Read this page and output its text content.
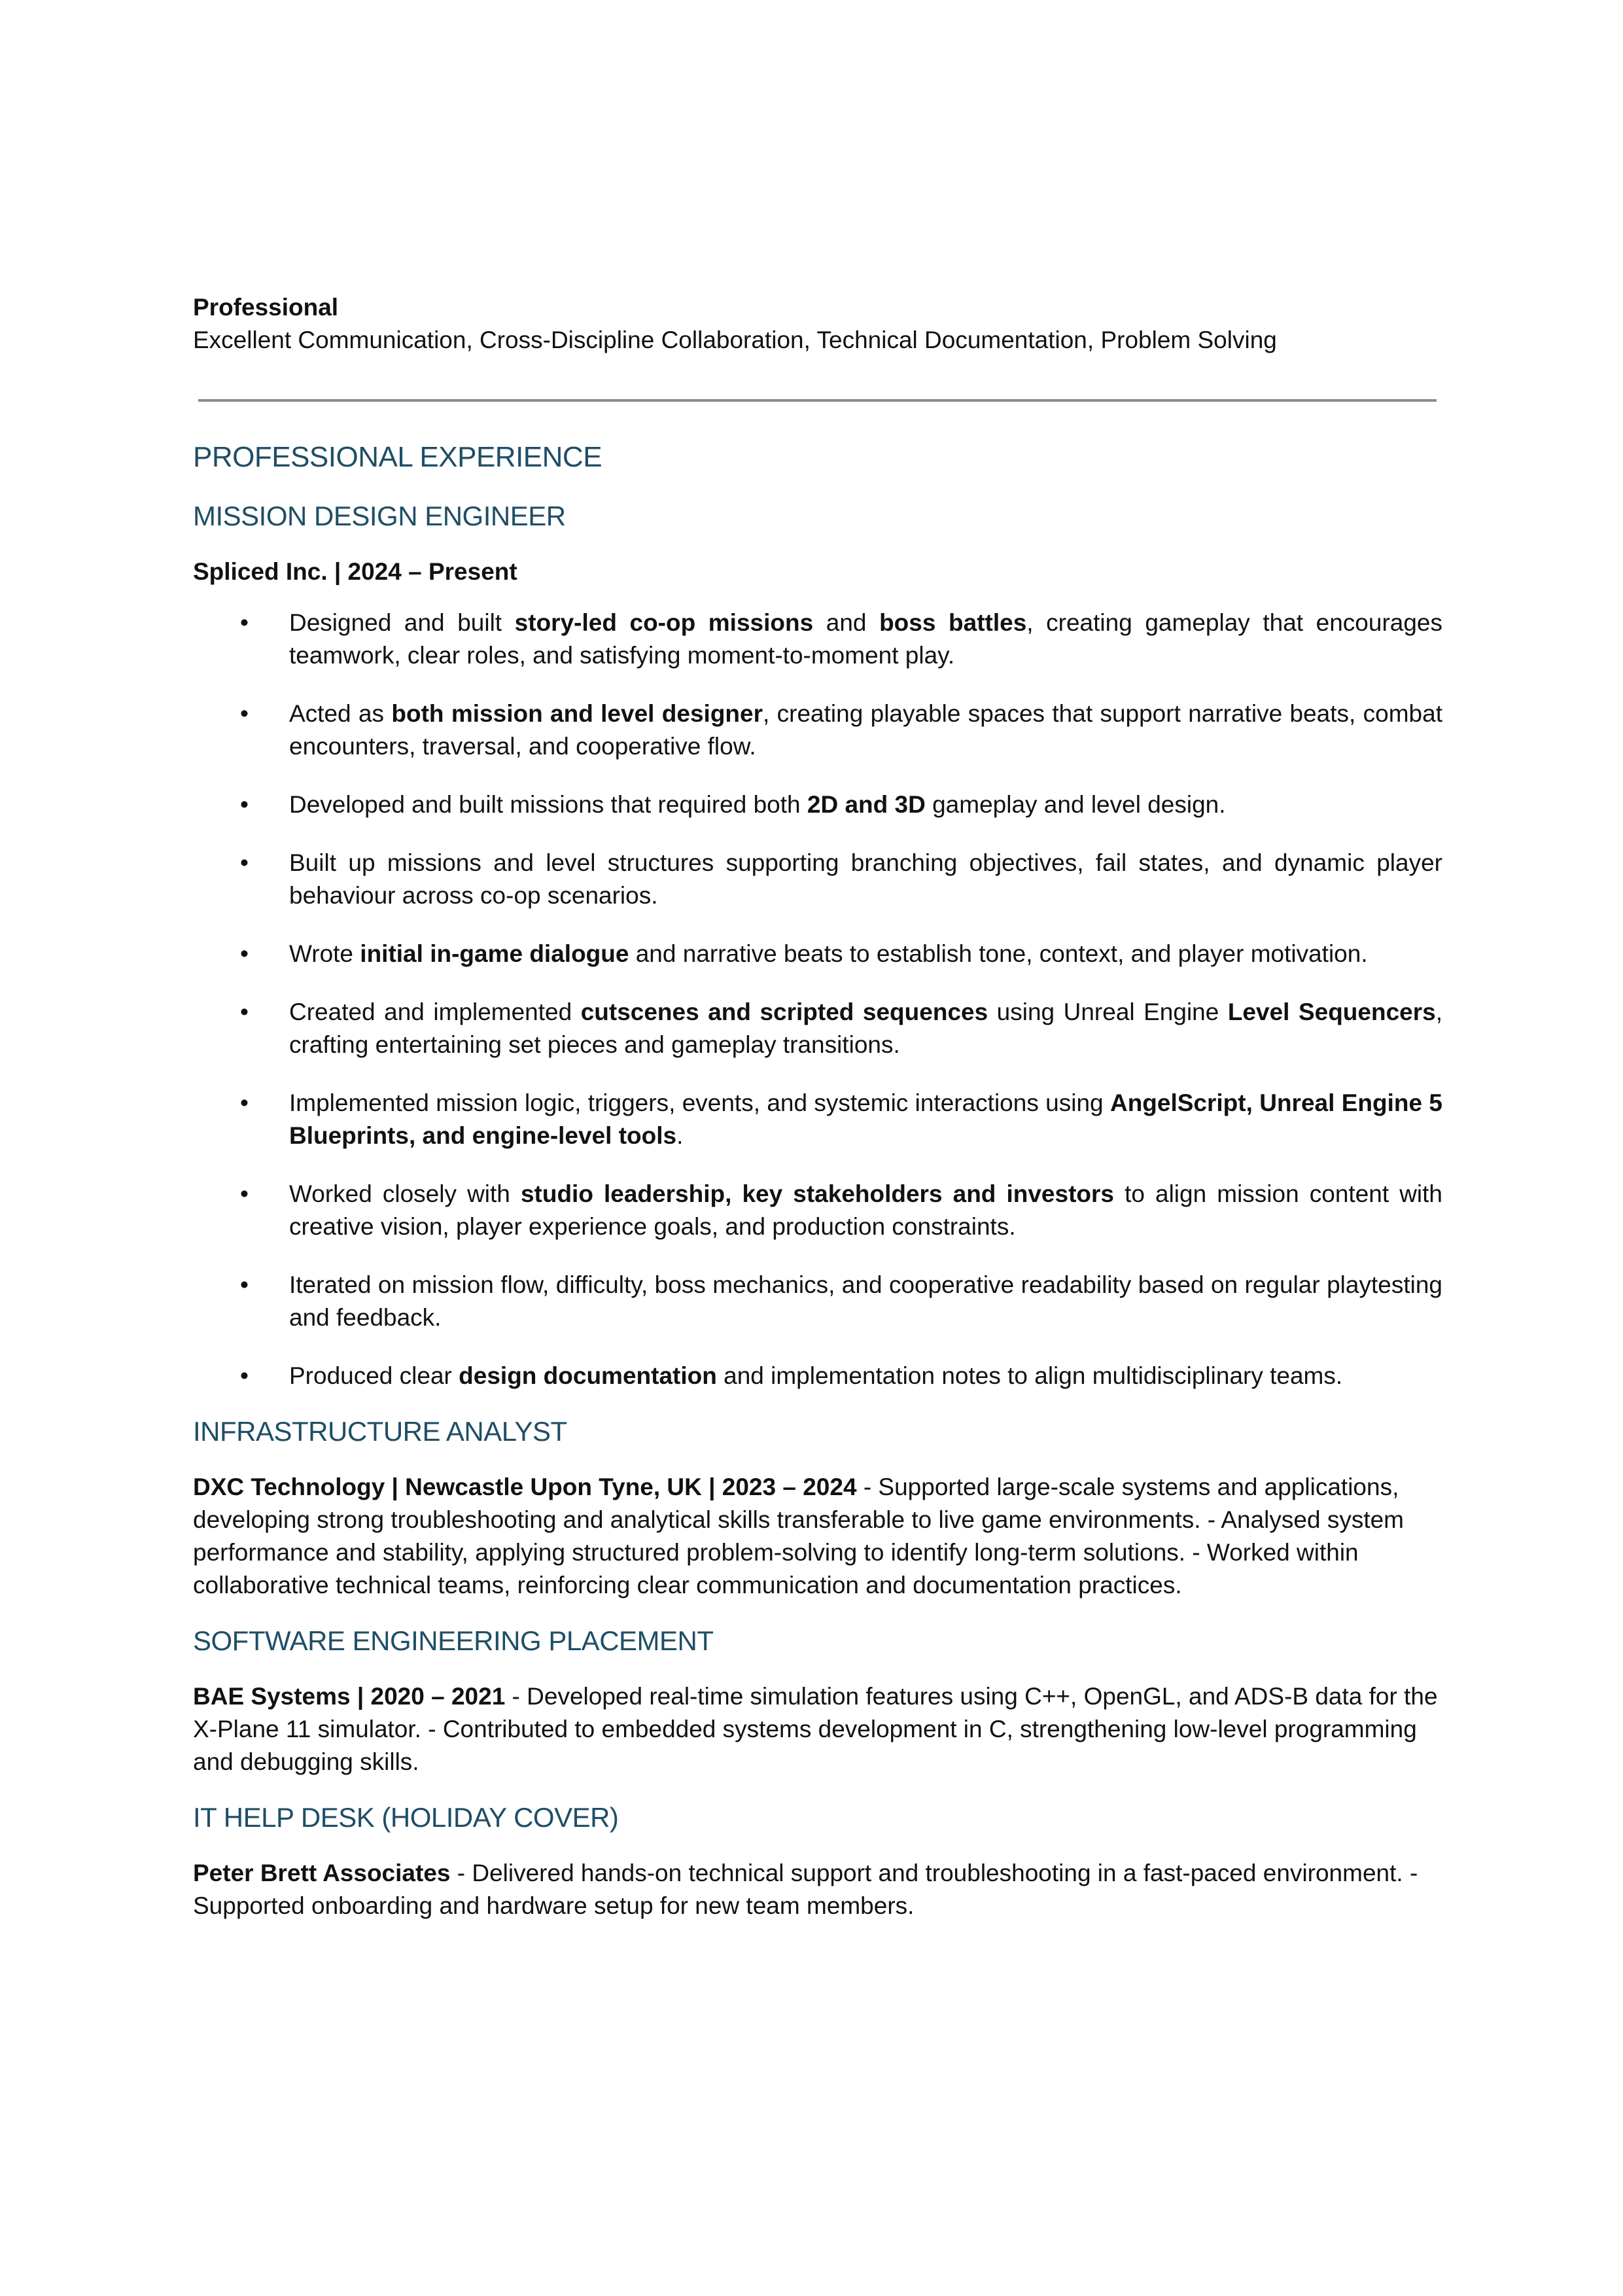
Professional
Excellent Communication, Cross-Discipline Collaboration, Technical Documentation, Problem Solving
PROFESSIONAL EXPERIENCE
MISSION DESIGN ENGINEER
Spliced Inc. | 2024 – Present
• Designed and built story-led co-op missions and boss battles, creating gameplay that encourages teamwork, clear roles, and satisfying moment-to-moment play.
• Acted as both mission and level designer, creating playable spaces that support narrative beats, combat encounters, traversal, and cooperative flow.
• Developed and built missions that required both 2D and 3D gameplay and level design.
• Built up missions and level structures supporting branching objectives, fail states, and dynamic player behaviour across co-op scenarios.
• Wrote initial in-game dialogue and narrative beats to establish tone, context, and player motivation.
• Created and implemented cutscenes and scripted sequences using Unreal Engine Level Sequencers, crafting entertaining set pieces and gameplay transitions.
• Implemented mission logic, triggers, events, and systemic interactions using AngelScript, Unreal Engine 5 Blueprints, and engine-level tools.
• Worked closely with studio leadership, key stakeholders and investors to align mission content with creative vision, player experience goals, and production constraints.
• Iterated on mission flow, difficulty, boss mechanics, and cooperative readability based on regular playtesting and feedback.
• Produced clear design documentation and implementation notes to align multidisciplinary teams.
INFRASTRUCTURE ANALYST
DXC Technology | Newcastle Upon Tyne, UK | 2023 – 2024 - Supported large-scale systems and applications, developing strong troubleshooting and analytical skills transferable to live game environments. - Analysed system performance and stability, applying structured problem-solving to identify long-term solutions. - Worked within collaborative technical teams, reinforcing clear communication and documentation practices.
SOFTWARE ENGINEERING PLACEMENT
BAE Systems | 2020 – 2021 - Developed real-time simulation features using C++, OpenGL, and ADS-B data for the X-Plane 11 simulator. - Contributed to embedded systems development in C, strengthening low-level programming and debugging skills.
IT HELP DESK (HOLIDAY COVER)
Peter Brett Associates - Delivered hands-on technical support and troubleshooting in a fast-paced environment. - Supported onboarding and hardware setup for new team members.
